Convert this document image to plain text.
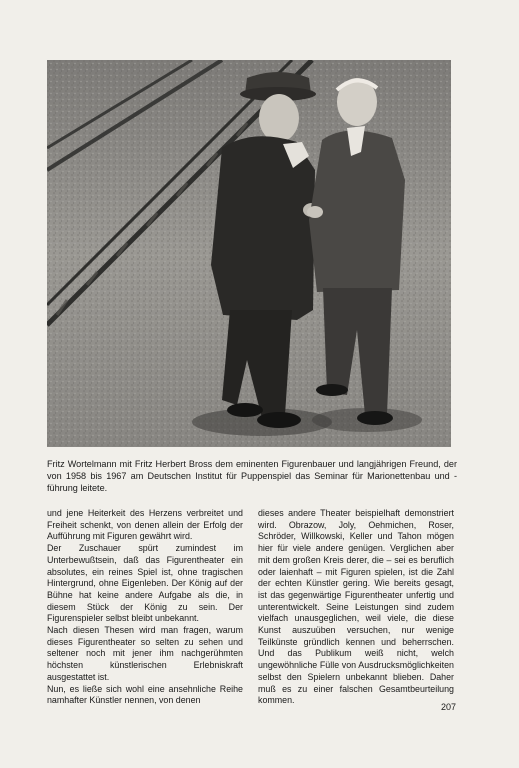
Fritz Wortelmann mit Fritz Herbert Bross dem eminenten Figurenbauer und langjährigen Freund, der von 1958 bis 1967 am Deutschen Institut für Puppenspiel das Seminar für Marionettenbau und -führung leitete.

und jene Heiterkeit des Herzens verbreitet und Freiheit schenkt, von denen allein der Erfolg der Aufführung mit Figuren gewährt wird.

Der Zuschauer spürt zumindest im Unterbewußtsein, daß das Figurentheater ein absolutes, ein reines Spiel ist, ohne tragischen Hintergrund, ohne Eigenleben. Der König auf der Bühne hat keine andere Aufgabe als die, in diesem Stück der König zu sein. Der Figurenspieler selbst bleibt unbekannt.

Nach diesen Thesen wird man fragen, warum dieses Figurentheater so selten zu sehen und seltener noch mit jener ihm nachgerühmten höchsten künstlerischen Erlebniskraft ausgestattet ist.

Nun, es ließe sich wohl eine ansehnliche Reihe namhafter Künstler nennen, von denen

dieses andere Theater beispielhaft demonstriert wird. Obrazow, Joly, Oehmichen, Roser, Schröder, Willkowski, Keller und Tahon mögen hier für viele andere genügen. Verglichen aber mit dem großen Kreis derer, die – sei es beruflich oder laienhaft – mit Figuren spielen, ist die Zahl der echten Künstler gering. Wie bereits gesagt, ist das gegenwärtige Figurentheater unfertig und unterentwickelt. Seine Leistungen sind zudem vielfach unausgeglichen, weil viele, die diese Kunst auszuüben versuchen, nur wenige Teilkünste gründlich kennen und beherrschen. Und das Publikum weiß nicht, welch ungewöhnliche Fülle von Ausdrucksmöglichkeiten selbst den Spielern unbekannt blieben. Daher muß es zu einer falschen Gesamtbeurteilung kommen.

207
